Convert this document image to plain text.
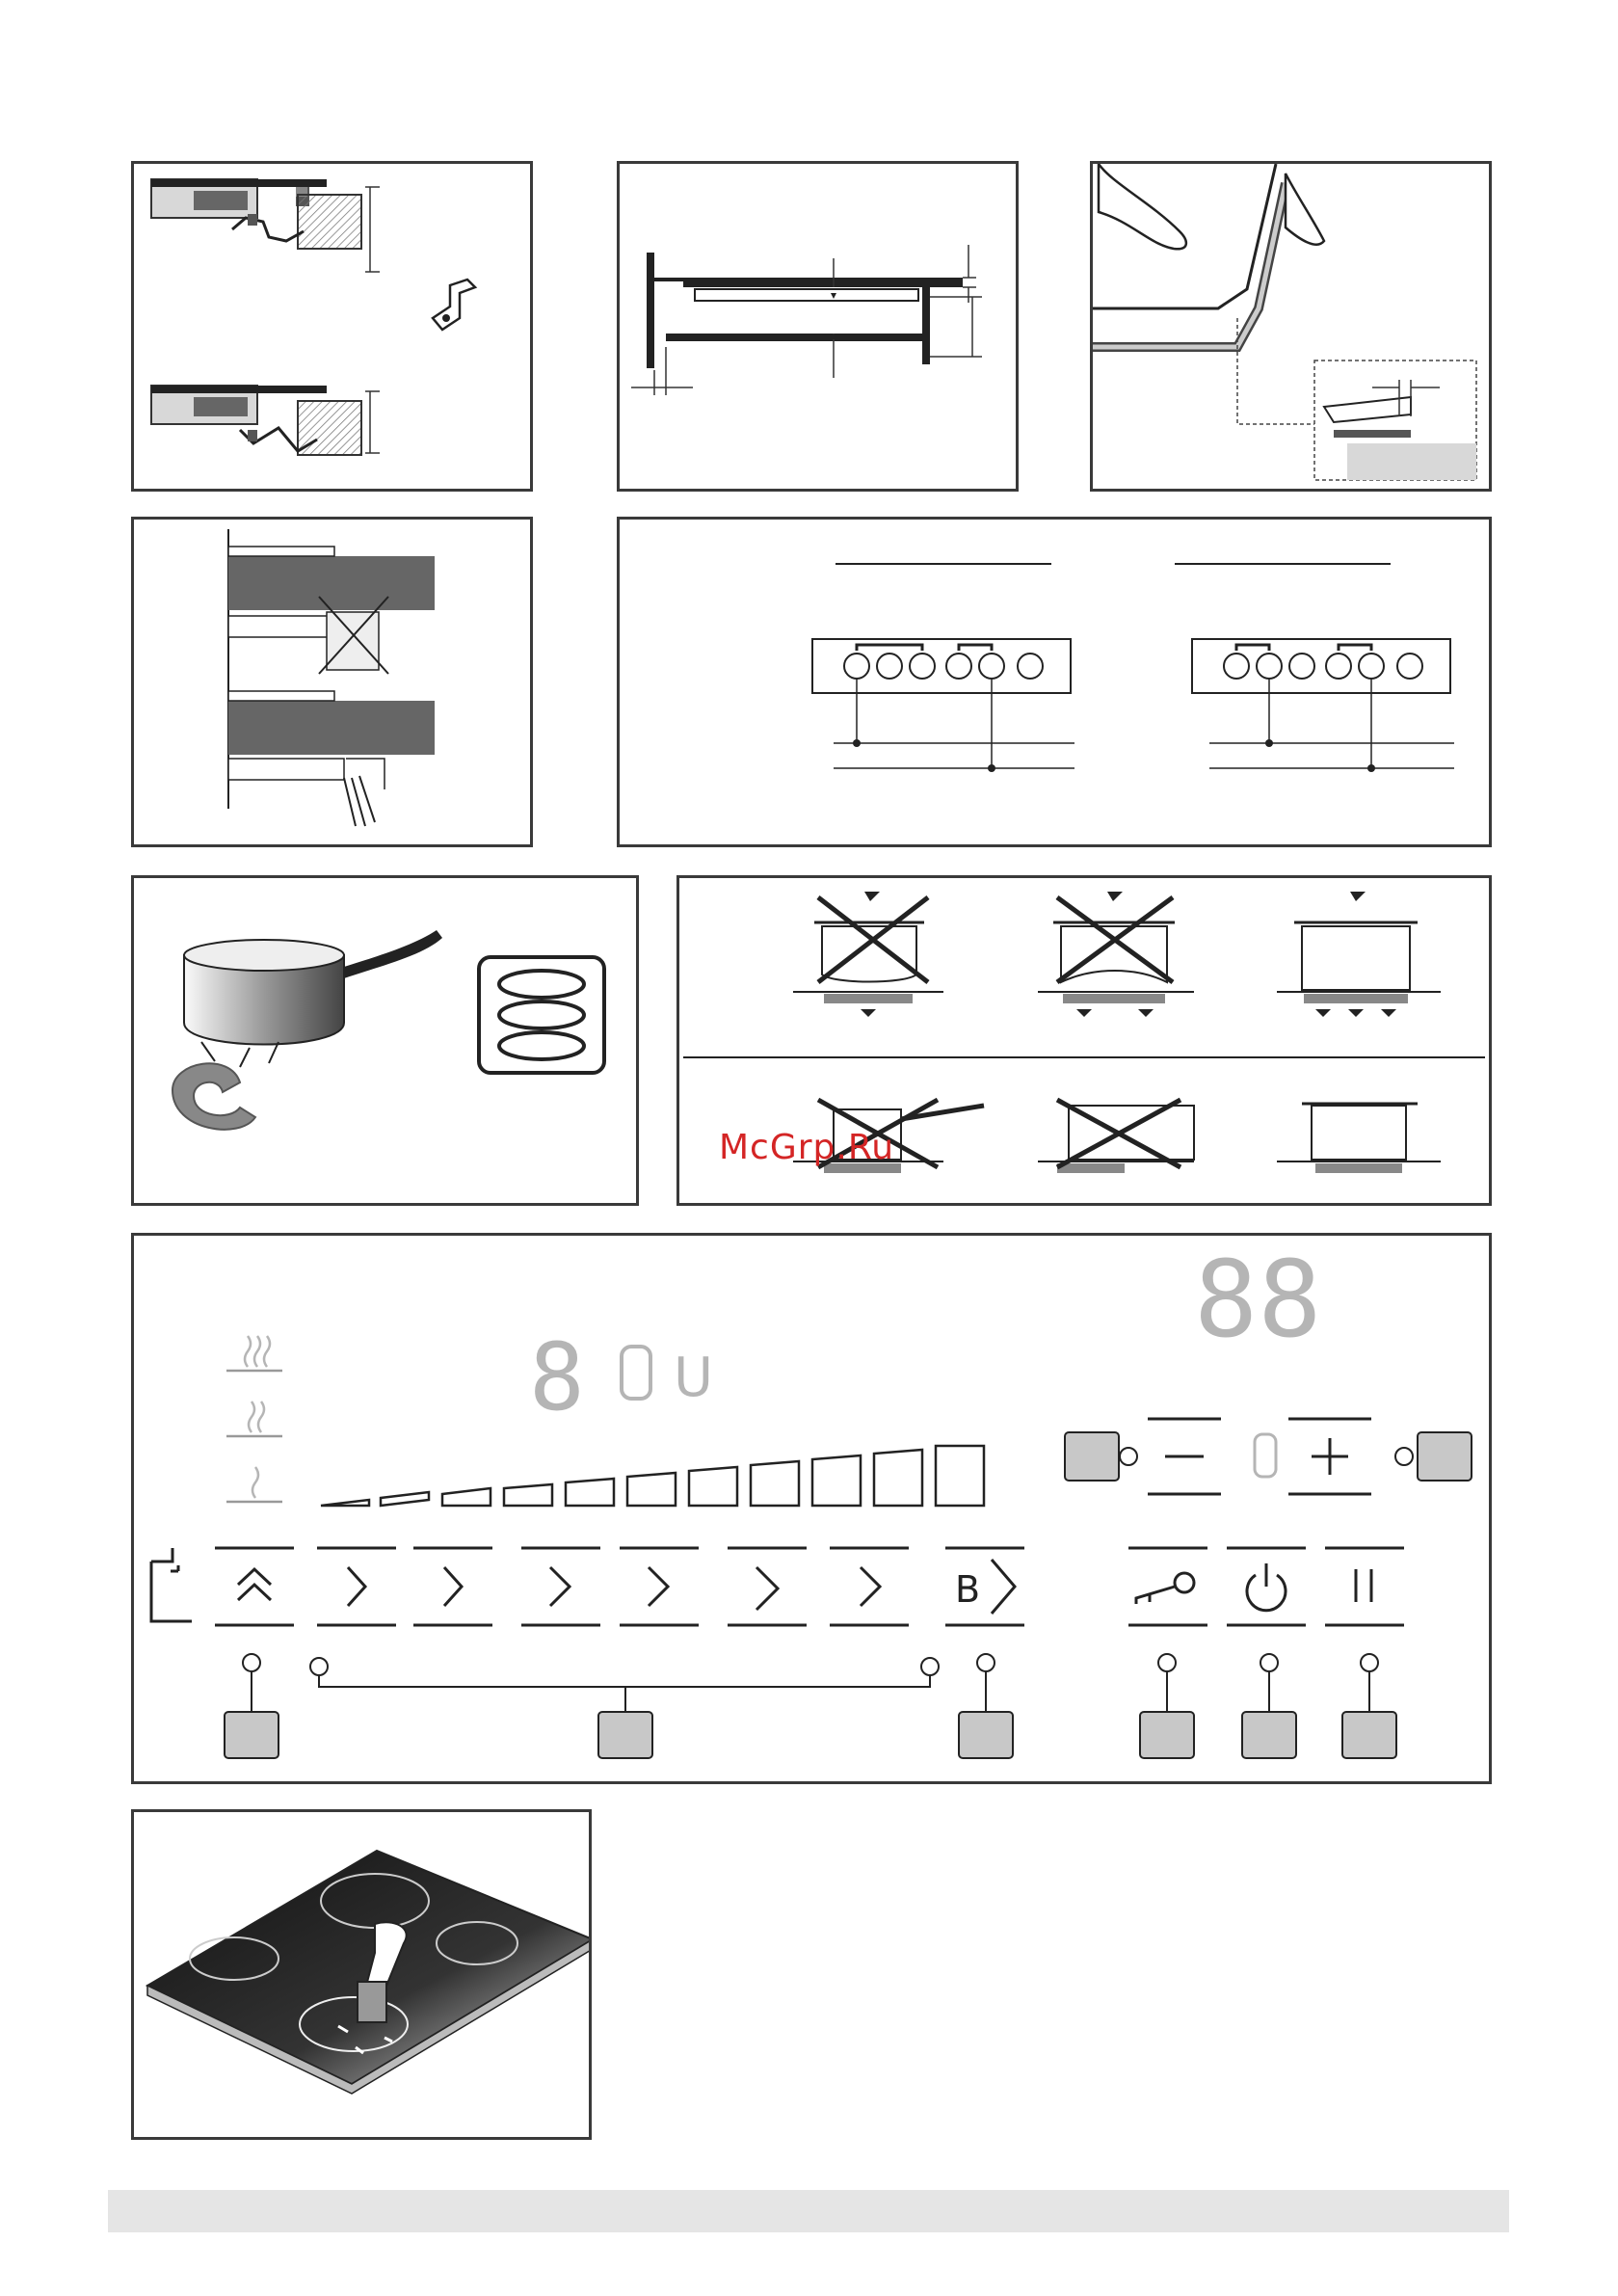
McGrp.Ru
88
8 U
B
